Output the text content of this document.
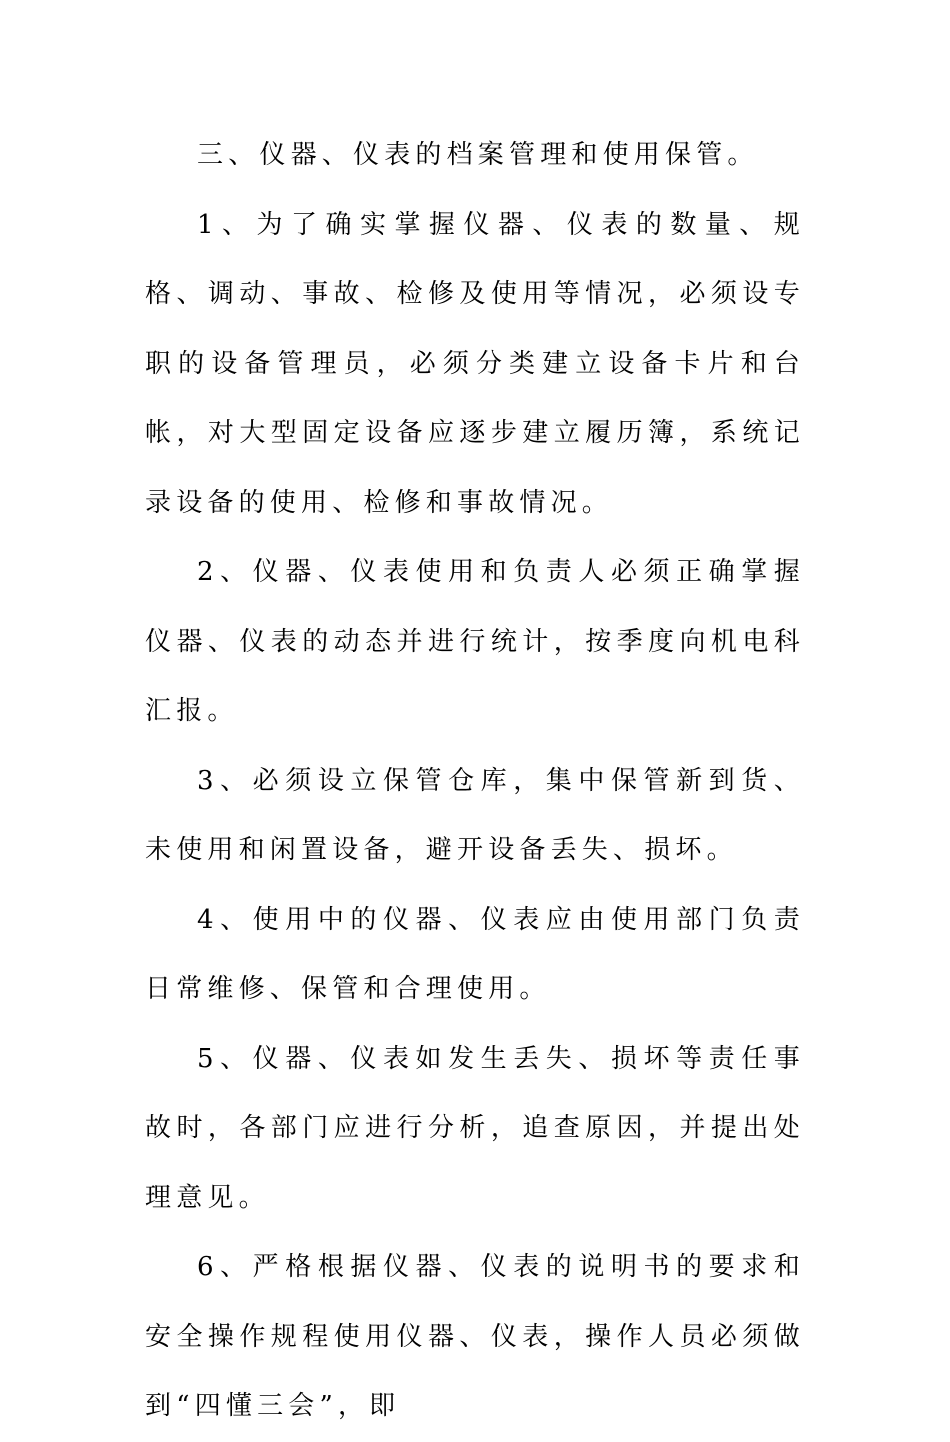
三、仪器、仪表的档案管理和使用保管。

1、为了确实掌握仪器、仪表的数量、规格、调动、事故、检修及使用等情况，必须设专职的设备管理员，必须分类建立设备卡片和台帐，对大型固定设备应逐步建立履历簿，系统记录设备的使用、检修和事故情况。

2、仪器、仪表使用和负责人必须正确掌握仪器、仪表的动态并进行统计，按季度向机电科汇报。

3、必须设立保管仓库，集中保管新到货、未使用和闲置设备，避开设备丢失、损坏。

4、使用中的仪器、仪表应由使用部门负责日常维修、保管和合理使用。

5、仪器、仪表如发生丢失、损坏等责任事故时，各部门应进行分析，追查原因，并提出处理意见。

6、严格根据仪器、仪表的说明书的要求和安全操作规程使用仪器、仪表，操作人员必须做到“四懂三会”，即
